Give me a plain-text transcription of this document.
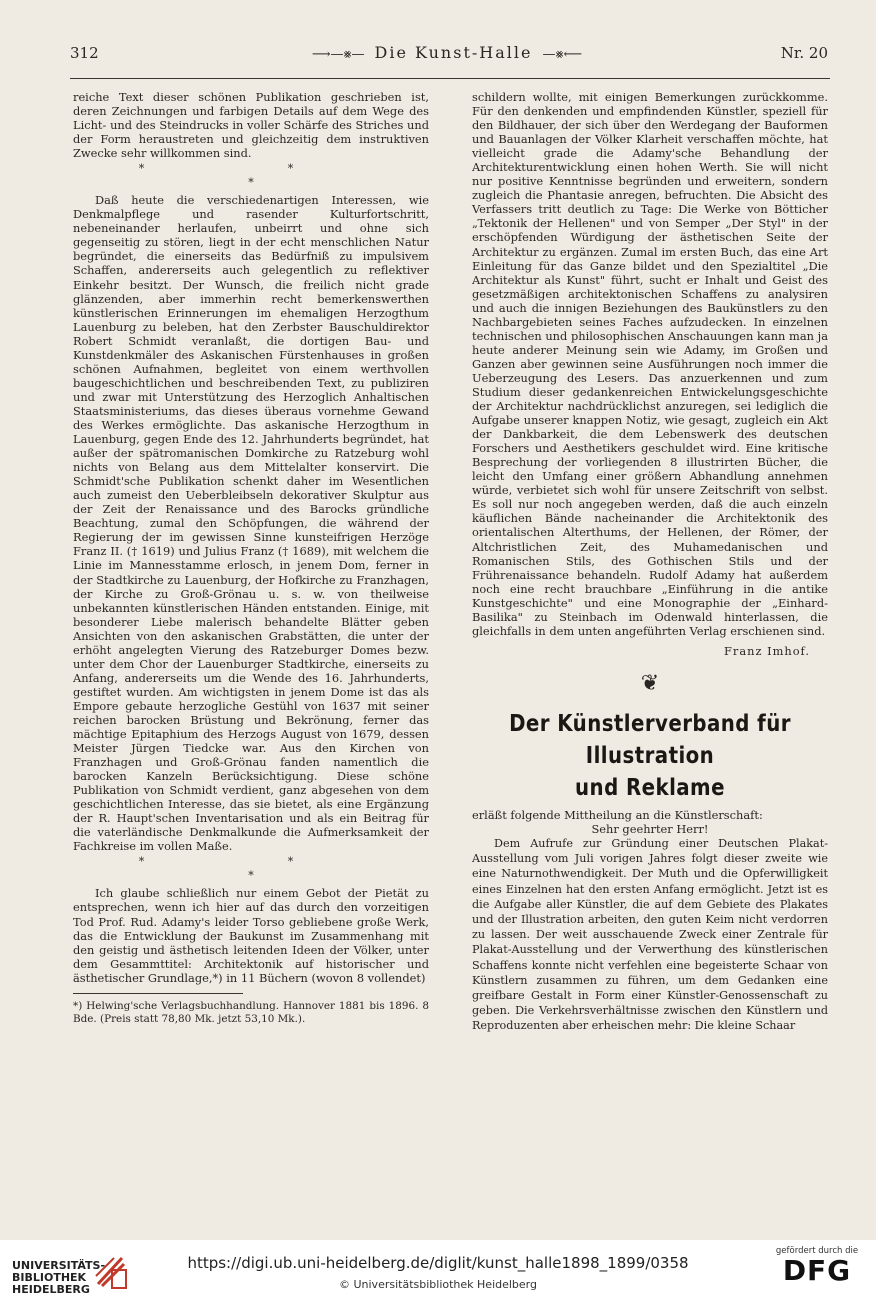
312	⟶—⨳— Die Kunst-Halle —⨳⟵	Nr. 20

reiche Text dieser schönen Publikation geschrieben ist, deren Zeichnungen und farbigen Details auf dem Wege des Licht- und des Steindrucks in voller Schärfe des Striches und der Form heraustreten und gleichzeitig dem instruktiven Zwecke sehr willkommen sind.

* *
*

Daß heute die verschiedenartigen Interessen, wie Denkmalpflege und rasender Kulturfortschritt, nebeneinander herlaufen, unbeirrt und ohne sich gegenseitig zu stören, liegt in der echt menschlichen Natur begründet, die einerseits das Bedürfniß zu impulsivem Schaffen, andererseits auch gelegentlich zu reflektiver Einkehr besitzt. Der Wunsch, die freilich nicht grade glänzenden, aber immerhin recht bemerkenswerthen künstlerischen Erinnerungen im ehemaligen Herzogthum Lauenburg zu beleben, hat den Zerbster Bauschuldirektor Robert Schmidt veranlaßt, die dortigen Bau- und Kunstdenkmäler des Askanischen Fürstenhauses in großen schönen Aufnahmen, begleitet von einem werthvollen baugeschichtlichen und beschreibenden Text, zu publiziren und zwar mit Unterstützung des Herzoglich Anhaltischen Staatsministeriums, das dieses überaus vornehme Gewand des Werkes ermöglichte. Das askanische Herzogthum in Lauenburg, gegen Ende des 12. Jahrhunderts begründet, hat außer der spätromanischen Domkirche zu Ratzeburg wohl nichts von Belang aus dem Mittelalter konservirt. Die Schmidt'sche Publikation schenkt daher im Wesentlichen auch zumeist den Ueberbleibseln dekorativer Skulptur aus der Zeit der Renaissance und des Barocks gründliche Beachtung, zumal den Schöpfungen, die während der Regierung der im gewissen Sinne kunsteifrigen Herzöge Franz II. († 1619) und Julius Franz († 1689), mit welchem die Linie im Mannesstamme erlosch, in jenem Dom, ferner in der Stadtkirche zu Lauenburg, der Hofkirche zu Franzhagen, der Kirche zu Groß-Grönau u. s. w. von theilweise unbekannten künstlerischen Händen entstanden. Einige, mit besonderer Liebe malerisch behandelte Blätter geben Ansichten von den askanischen Grabstätten, die unter der erhöht angelegten Vierung des Ratzeburger Domes bezw. unter dem Chor der Lauenburger Stadtkirche, einerseits zu Anfang, andererseits um die Wende des 16. Jahrhunderts, gestiftet wurden. Am wichtigsten in jenem Dome ist das als Empore gebaute herzogliche Gestühl von 1637 mit seiner reichen barocken Brüstung und Bekrönung, ferner das mächtige Epitaphium des Herzogs August von 1679, dessen Meister Jürgen Tiedcke war. Aus den Kirchen von Franzhagen und Groß-Grönau fanden namentlich die barocken Kanzeln Berücksichtigung. Diese schöne Publikation von Schmidt verdient, ganz abgesehen von dem geschichtlichen Interesse, das sie bietet, als eine Ergänzung der R. Haupt'schen Inventarisation und als ein Beitrag für die vaterländische Denkmalkunde die Aufmerksamkeit der Fachkreise im vollen Maße.

* *
*

Ich glaube schließlich nur einem Gebot der Pietät zu entsprechen, wenn ich hier auf das durch den vorzeitigen Tod Prof. Rud. Adamy's leider Torso gebliebene große Werk, das die Entwicklung der Baukunst im Zusammenhang mit den geistig und ästhetisch leitenden Ideen der Völker, unter dem Gesammttitel: Architektonik auf historischer und ästhetischer Grundlage,*) in 11 Büchern (wovon 8 vollendet)

*) Helwing'sche Verlagsbuchhandlung. Hannover 1881 bis 1896. 8 Bde. (Preis statt 78,80 Mk. jetzt 53,10 Mk.).

schildern wollte, mit einigen Bemerkungen zurückkomme. Für den denkenden und empfindenden Künstler, speziell für den Bildhauer, der sich über den Werdegang der Bauformen und Bauanlagen der Völker Klarheit verschaffen möchte, hat vielleicht grade die Adamy'sche Behandlung der Architekturentwicklung einen hohen Werth. Sie will nicht nur positive Kenntnisse begründen und erweitern, sondern zugleich die Phantasie anregen, befruchten. Die Absicht des Verfassers tritt deutlich zu Tage: Die Werke von Bötticher „Tektonik der Hellenen" und von Semper „Der Styl" in der erschöpfenden Würdigung der ästhetischen Seite der Architektur zu ergänzen. Zumal im ersten Buch, das eine Art Einleitung für das Ganze bildet und den Spezialtitel „Die Architektur als Kunst" führt, sucht er Inhalt und Geist des gesetzmäßigen architektonischen Schaffens zu analysiren und auch die innigen Beziehungen des Baukünstlers zu den Nachbargebieten seines Faches aufzudecken. In einzelnen technischen und philosophischen Anschauungen kann man ja heute anderer Meinung sein wie Adamy, im Großen und Ganzen aber gewinnen seine Ausführungen noch immer die Ueberzeugung des Lesers. Das anzuerkennen und zum Studium dieser gedankenreichen Entwickelungsgeschichte der Architektur nachdrücklichst anzuregen, sei lediglich die Aufgabe unserer knappen Notiz, wie gesagt, zugleich ein Akt der Dankbarkeit, die dem Lebenswerk des deutschen Forschers und Aesthetikers geschuldet wird. Eine kritische Besprechung der vorliegenden 8 illustrirten Bücher, die leicht den Umfang einer größern Abhandlung annehmen würde, verbietet sich wohl für unsere Zeitschrift von selbst. Es soll nur noch angegeben werden, daß die auch einzeln käuflichen Bände nacheinander die Architektonik des orientalischen Alterthums, der Hellenen, der Römer, der Altchristlichen Zeit, des Muhamedanischen und Romanischen Stils, des Gothischen Stils und der Frührenaissance behandeln. Rudolf Adamy hat außerdem noch eine recht brauchbare „Einführung in die antike Kunstgeschichte" und eine Monographie der „Einhard-Basilika" zu Steinbach im Odenwald hinterlassen, die gleichfalls in dem unten angeführten Verlag erschienen sind.

Franz Imhof.
❦
Der Künstlerverband für Illustration
und Reklame

erläßt folgende Mittheilung an die Künstlerschaft:

Sehr geehrter Herr!

Dem Aufrufe zur Gründung einer Deutschen Plakat-Ausstellung vom Juli vorigen Jahres folgt dieser zweite wie eine Naturnothwendigkeit. Der Muth und die Opferwilligkeit eines Einzelnen hat den ersten Anfang ermöglicht. Jetzt ist es die Aufgabe aller Künstler, die auf dem Gebiete des Plakates und der Illustration arbeiten, den guten Keim nicht verdorren zu lassen. Der weit ausschauende Zweck einer Zentrale für Plakat-Ausstellung und der Verwerthung des künstlerischen Schaffens konnte nicht verfehlen eine begeisterte Schaar von Künstlern zusammen zu führen, um dem Gedanken eine greifbare Gestalt in Form einer Künstler-Genossenschaft zu geben. Die Verkehrsverhältnisse zwischen den Künstlern und Reproduzenten aber erheischen mehr: Die kleine Schaar

UNIVERSITÄTS-
BIBLIOTHEK
HEIDELBERG
https://digi.ub.uni-heidelberg.de/diglit/kunst_halle1898_1899/0358
© Universitätsbibliothek Heidelberg
gefördert durch die
DFG
